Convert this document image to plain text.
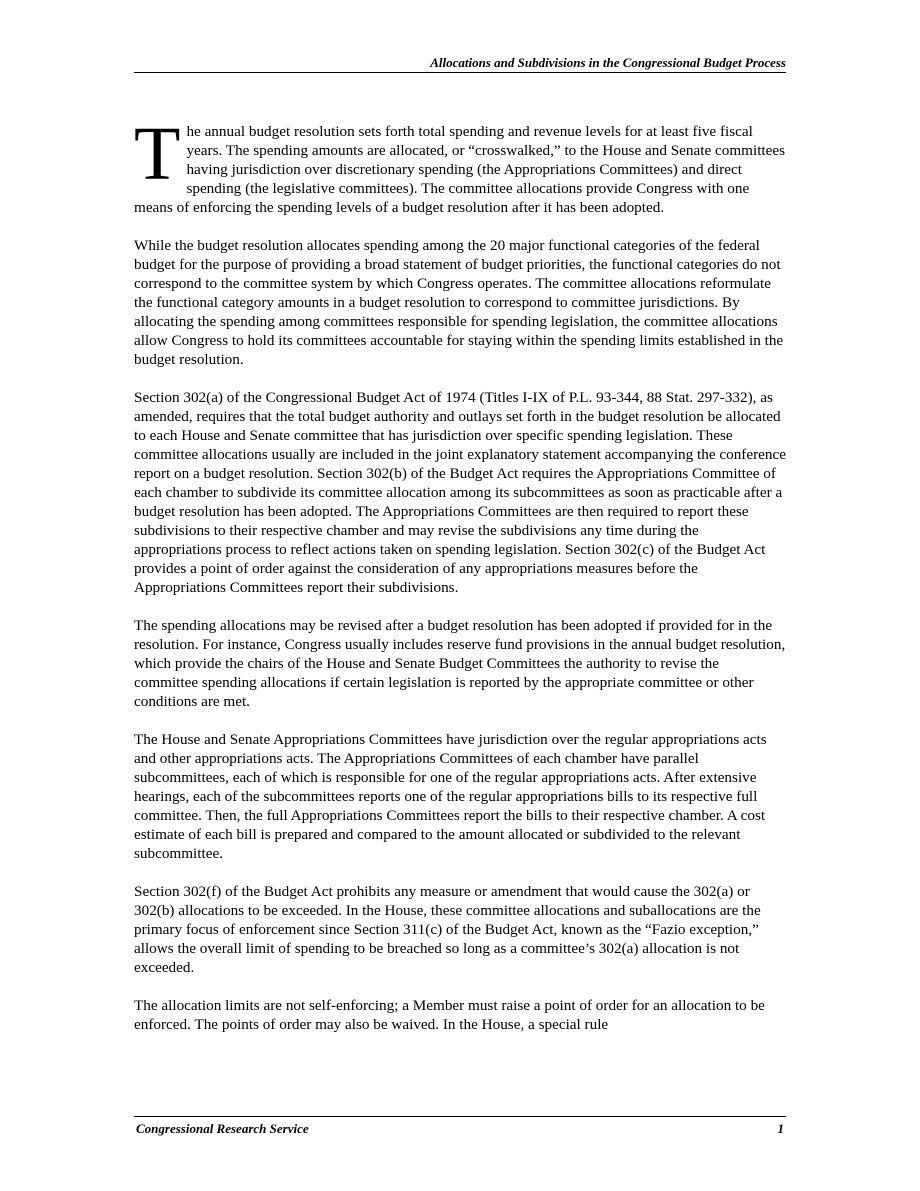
Allocations and Subdivisions in the Congressional Budget Process

The annual budget resolution sets forth total spending and revenue levels for at least five fiscal years. The spending amounts are allocated, or “crosswalked,” to the House and Senate committees having jurisdiction over discretionary spending (the Appropriations Committees) and direct spending (the legislative committees). The committee allocations provide Congress with one means of enforcing the spending levels of a budget resolution after it has been adopted.

While the budget resolution allocates spending among the 20 major functional categories of the federal budget for the purpose of providing a broad statement of budget priorities, the functional categories do not correspond to the committee system by which Congress operates. The committee allocations reformulate the functional category amounts in a budget resolution to correspond to committee jurisdictions. By allocating the spending among committees responsible for spending legislation, the committee allocations allow Congress to hold its committees accountable for staying within the spending limits established in the budget resolution.

Section 302(a) of the Congressional Budget Act of 1974 (Titles I-IX of P.L. 93-344, 88 Stat. 297-332), as amended, requires that the total budget authority and outlays set forth in the budget resolution be allocated to each House and Senate committee that has jurisdiction over specific spending legislation. These committee allocations usually are included in the joint explanatory statement accompanying the conference report on a budget resolution. Section 302(b) of the Budget Act requires the Appropriations Committee of each chamber to subdivide its committee allocation among its subcommittees as soon as practicable after a budget resolution has been adopted. The Appropriations Committees are then required to report these subdivisions to their respective chamber and may revise the subdivisions any time during the appropriations process to reflect actions taken on spending legislation. Section 302(c) of the Budget Act provides a point of order against the consideration of any appropriations measures before the Appropriations Committees report their subdivisions.

The spending allocations may be revised after a budget resolution has been adopted if provided for in the resolution. For instance, Congress usually includes reserve fund provisions in the annual budget resolution, which provide the chairs of the House and Senate Budget Committees the authority to revise the committee spending allocations if certain legislation is reported by the appropriate committee or other conditions are met.

The House and Senate Appropriations Committees have jurisdiction over the regular appropriations acts and other appropriations acts. The Appropriations Committees of each chamber have parallel subcommittees, each of which is responsible for one of the regular appropriations acts. After extensive hearings, each of the subcommittees reports one of the regular appropriations bills to its respective full committee. Then, the full Appropriations Committees report the bills to their respective chamber. A cost estimate of each bill is prepared and compared to the amount allocated or subdivided to the relevant subcommittee.

Section 302(f) of the Budget Act prohibits any measure or amendment that would cause the 302(a) or 302(b) allocations to be exceeded. In the House, these committee allocations and suballocations are the primary focus of enforcement since Section 311(c) of the Budget Act, known as the “Fazio exception,” allows the overall limit of spending to be breached so long as a committee’s 302(a) allocation is not exceeded.

The allocation limits are not self-enforcing; a Member must raise a point of order for an allocation to be enforced. The points of order may also be waived. In the House, a special rule

Congressional Research Service	1
